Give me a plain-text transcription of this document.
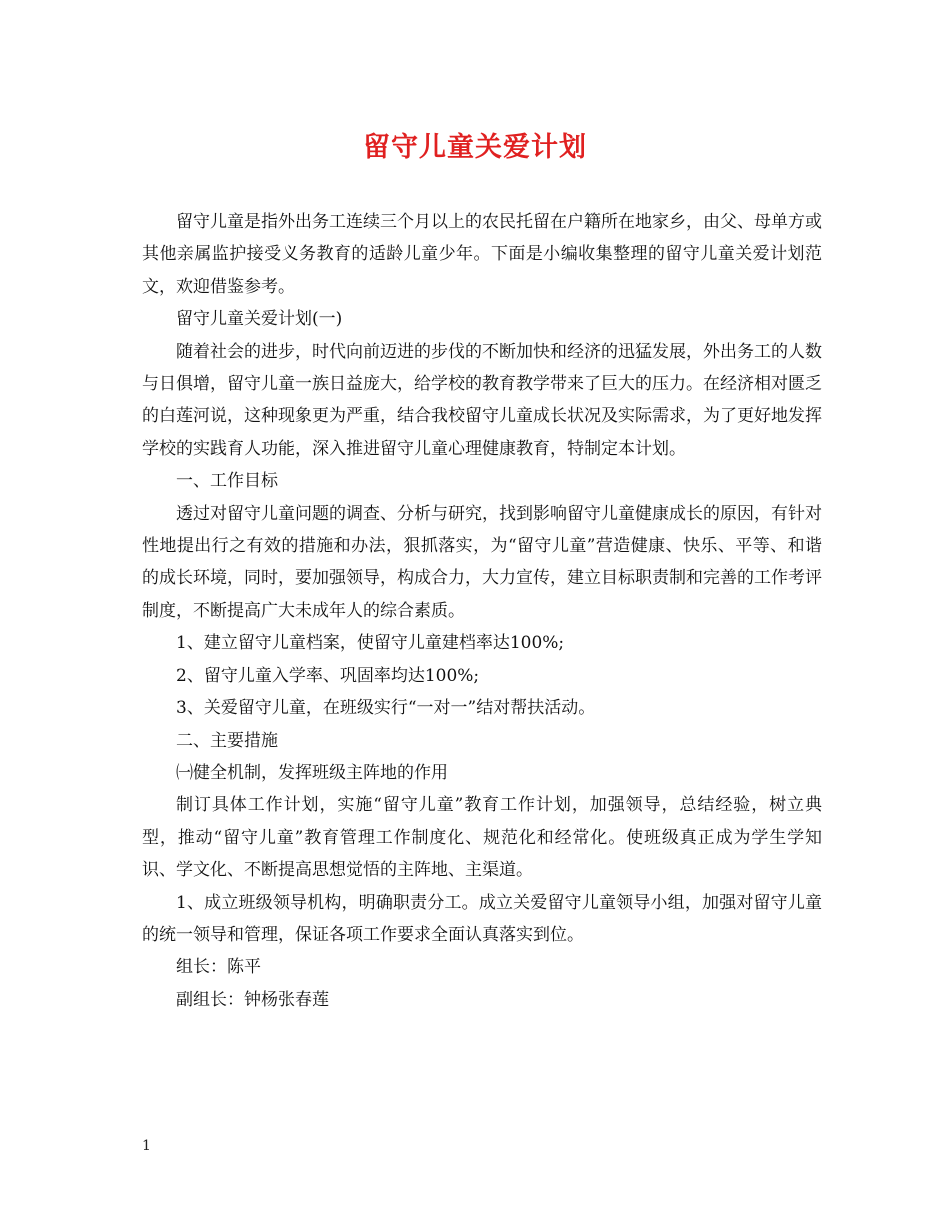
留守儿童关爱计划

留守儿童是指外出务工连续三个月以上的农民托留在户籍所在地家乡，由父、母单方或其他亲属监护接受义务教育的适龄儿童少年。下面是小编收集整理的留守儿童关爱计划范文，欢迎借鉴参考。

留守儿童关爱计划(一)

随着社会的进步，时代向前迈进的步伐的不断加快和经济的迅猛发展，外出务工的人数与日俱增，留守儿童一族日益庞大，给学校的教育教学带来了巨大的压力。在经济相对匮乏的白莲河说，这种现象更为严重，结合我校留守儿童成长状况及实际需求，为了更好地发挥学校的实践育人功能，深入推进留守儿童心理健康教育，特制定本计划。

一、工作目标

透过对留守儿童问题的调查、分析与研究，找到影响留守儿童健康成长的原因，有针对性地提出行之有效的措施和办法，狠抓落实，为“留守儿童”营造健康、快乐、平等、和谐的成长环境，同时，要加强领导，构成合力，大力宣传，建立目标职责制和完善的工作考评制度，不断提高广大未成年人的综合素质。

1、建立留守儿童档案，使留守儿童建档率达100%;

2、留守儿童入学率、巩固率均达100%;

3、关爱留守儿童，在班级实行“一对一”结对帮扶活动。

二、主要措施

㈠健全机制，发挥班级主阵地的作用

制订具体工作计划，实施“留守儿童”教育工作计划，加强领导，总结经验，树立典型，推动“留守儿童”教育管理工作制度化、规范化和经常化。使班级真正成为学生学知识、学文化、不断提高思想觉悟的主阵地、主渠道。

1、成立班级领导机构，明确职责分工。成立关爱留守儿童领导小组，加强对留守儿童的统一领导和管理，保证各项工作要求全面认真落实到位。

组长：陈平

副组长：钟杨张春莲

1
